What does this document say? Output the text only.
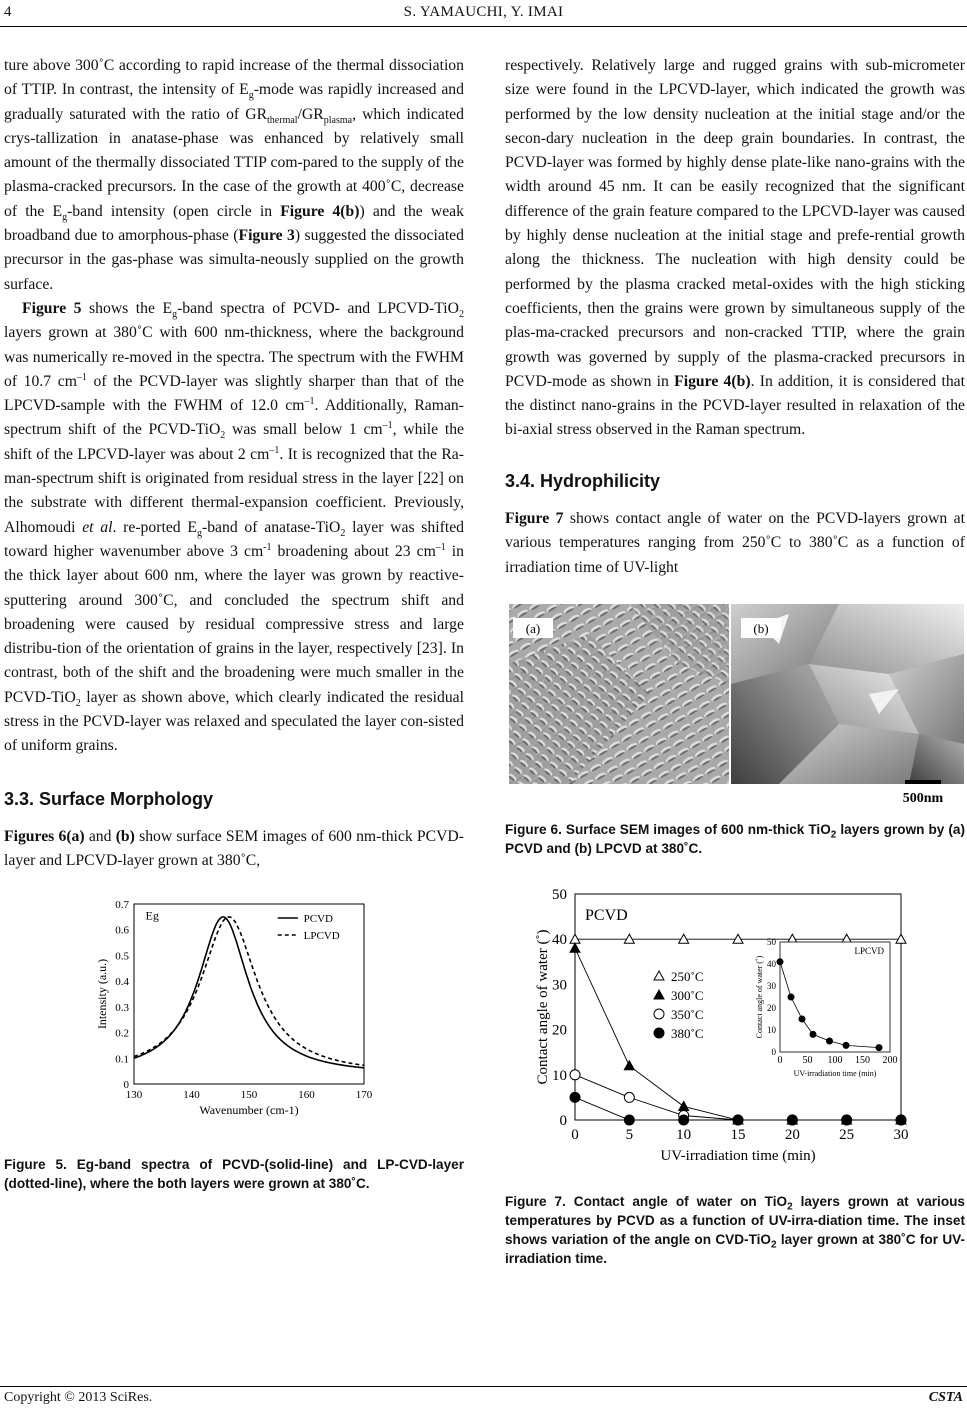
4	S. YAMAUCHI, Y. IMAI

ture above 300˚C according to rapid increase of the thermal dissociation of TTIP. In contrast, the intensity of $E_g$-mode was rapidly increased and gradually saturated with the ratio of $GR_{thermal}/GR_{plasma}$, which indicated crys-tallization in anatase-phase was enhanced by relatively small amount of the thermally dissociated TTIP com-pared to the supply of the plasma-cracked precursors. In the case of the growth at 400˚C, decrease of the $E_g$-band intensity (open circle in Figure 4(b)) and the weak broadband due to amorphous-phase (Figure 3) suggested the dissociated precursor in the gas-phase was simulta-neously supplied on the growth surface.

Figure 5 shows the $E_g$-band spectra of PCVD- and LPCVD-TiO$_2$ layers grown at 380˚C with 600 nm-thickness, where the background was numerically re-moved in the spectra. The spectrum with the FWHM of 10.7 $cm^{-1}$ of the PCVD-layer was slightly sharper than that of the LPCVD-sample with the FWHM of 12.0 $cm^{-1}$. Additionally, Raman-spectrum shift of the PCVD-TiO$_2$ was small below 1 $cm^{-1}$, while the shift of the LPCVD-layer was about 2 $cm^{-1}$. It is recognized that the Ra-man-spectrum shift is originated from residual stress in the layer [22] on the substrate with different thermal-expansion coefficient. Previously, Alhomoudi et al. re-ported $E_g$-band of anatase-TiO$_2$ layer was shifted toward higher wavenumber above 3 $cm^{-1}$ broadening about 23 $cm^{-1}$ in the thick layer about 600 nm, where the layer was grown by reactive-sputtering around 300˚C, and concluded the spectrum shift and broadening were caused by residual compressive stress and large distribu-tion of the orientation of grains in the layer, respectively [23]. In contrast, both of the shift and the broadening were much smaller in the PCVD-TiO$_2$ layer as shown above, which clearly indicated the residual stress in the PCVD-layer was relaxed and speculated the layer con-sisted of uniform grains.

3.3. Surface Morphology

Figures 6(a) and (b) show surface SEM images of 600 nm-thick PCVD-layer and LPCVD-layer grown at 380˚C,

0
0.1
0.2
0.3
0.4
0.5
0.6
0.7
130	140	150	160	170
Wavenumber (cm-1)
Intensity (a.u.)
Eg	PCVD
LPCVD
Figure 5. Eg-band spectra of PCVD-(solid-line) and LP-CVD-layer (dotted-line), where the both layers were grown at 380˚C.

respectively. Relatively large and rugged grains with sub-micrometer size were found in the LPCVD-layer, which indicated the growth was performed by the low density nucleation at the initial stage and/or the secon-dary nucleation in the deep grain boundaries. In contrast, the PCVD-layer was formed by highly dense plate-like nano-grains with the width around 45 nm. It can be easily recognized that the significant difference of the grain feature compared to the LPCVD-layer was caused by highly dense nucleation at the initial stage and prefe-rential growth along the thickness. The nucleation with high density could be performed by the plasma cracked metal-oxides with the high sticking coefficients, then the grains were grown by simultaneous supply of the plas-ma-cracked precursors and non-cracked TTIP, where the grain growth was governed by supply of the plasma-cracked precursors in PCVD-mode as shown in Figure 4(b). In addition, it is considered that the distinct nano-grains in the PCVD-layer resulted in relaxation of the bi-axial stress observed in the Raman spectrum.

3.4. Hydrophilicity

Figure 7 shows contact angle of water on the PCVD-layers grown at various temperatures ranging from 250˚C to 380˚C as a function of irradiation time of UV-light

(a)	(b)
500nm
Figure 6. Surface SEM images of 600 nm-thick TiO$_2$ layers grown by (a) PCVD and (b) LPCVD at 380˚C.
0
10
20
30
40
50
0	5	10	15	20	25	30
UV-irradiation time (min)
Contact angle of water (˚)
PCVD
250˚C
300˚C
350˚C
380˚C
0
10
20
30
40
50
0 50 100 150 200
UV-irradiation time (min)
Contact angle of water (˚)
LPCVD
Figure 7. Contact angle of water on TiO$_2$ layers grown at various temperatures by PCVD as a function of UV-irra-diation time. The inset shows variation of the angle on CVD-TiO$_2$ layer grown at 380˚C for UV-irradiation time.
Copyright © 2013 SciRes.	CSTA
